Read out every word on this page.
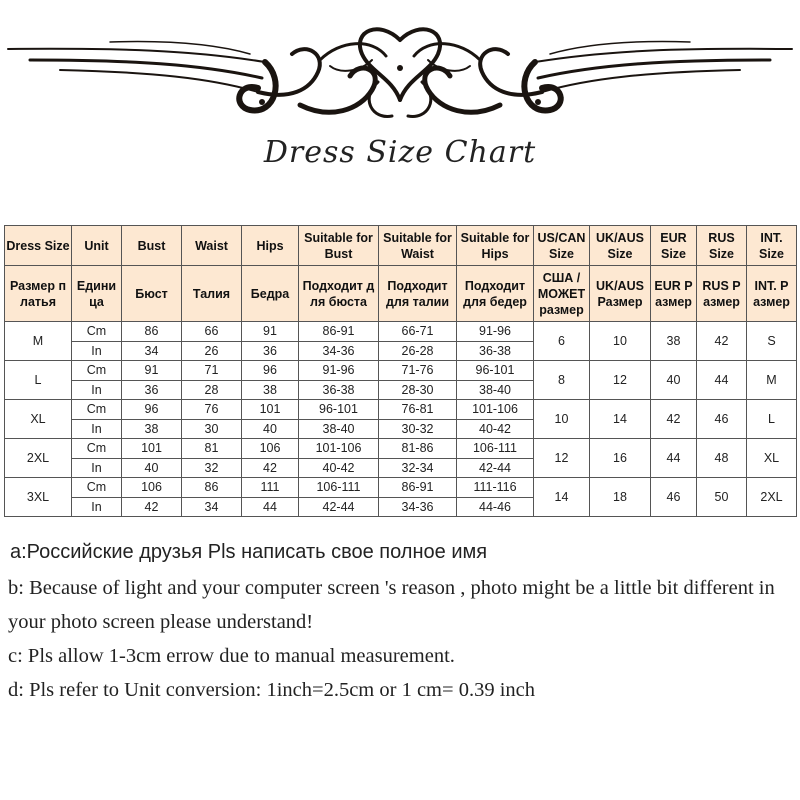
Dress Size Chart
Dress Size	Unit	Bust	Waist	Hips	Suitable for Bust	Suitable for Waist	Suitable for Hips	US/CAN Size	UK/AUS Size	EUR Size	RUS Size	INT. Size
Размер п латья	Едини ца	Бюст	Талия	Бедра	Подходит д ля бюста	Подходит для талии	Подходит для бедер	США / МОЖЕТ размер	UK/AUS Размер	EUR P азмер	RUS P азмер	INT. P азмер
M	Cm	86	66	91	86-91	66-71	91-96	6	10	38	42	S
	In	34	26	36	34-36	26-28	36-38					
L	Cm	91	71	96	91-96	71-76	96-101	8	12	40	44	M
	In	36	28	38	36-38	28-30	38-40					
XL	Cm	96	76	101	96-101	76-81	101-106	10	14	42	46	L
	In	38	30	40	38-40	30-32	40-42					
2XL	Cm	101	81	106	101-106	81-86	106-111	12	16	44	48	XL
	In	40	32	42	40-42	32-34	42-44					
3XL	Cm	106	86	111	106-111	86-91	111-116	14	18	46	50	2XL
	In	42	34	44	42-44	34-36	44-46					
a:Российские друзья Pls написать свое полное имя
b: Because of light and your computer screen 's reason , photo might be a little bit different in your photo screen please understand!
c: Pls allow 1-3cm errow due to manual measurement.
d: Pls refer to Unit conversion: 1inch=2.5cm or 1 cm= 0.39 inch
